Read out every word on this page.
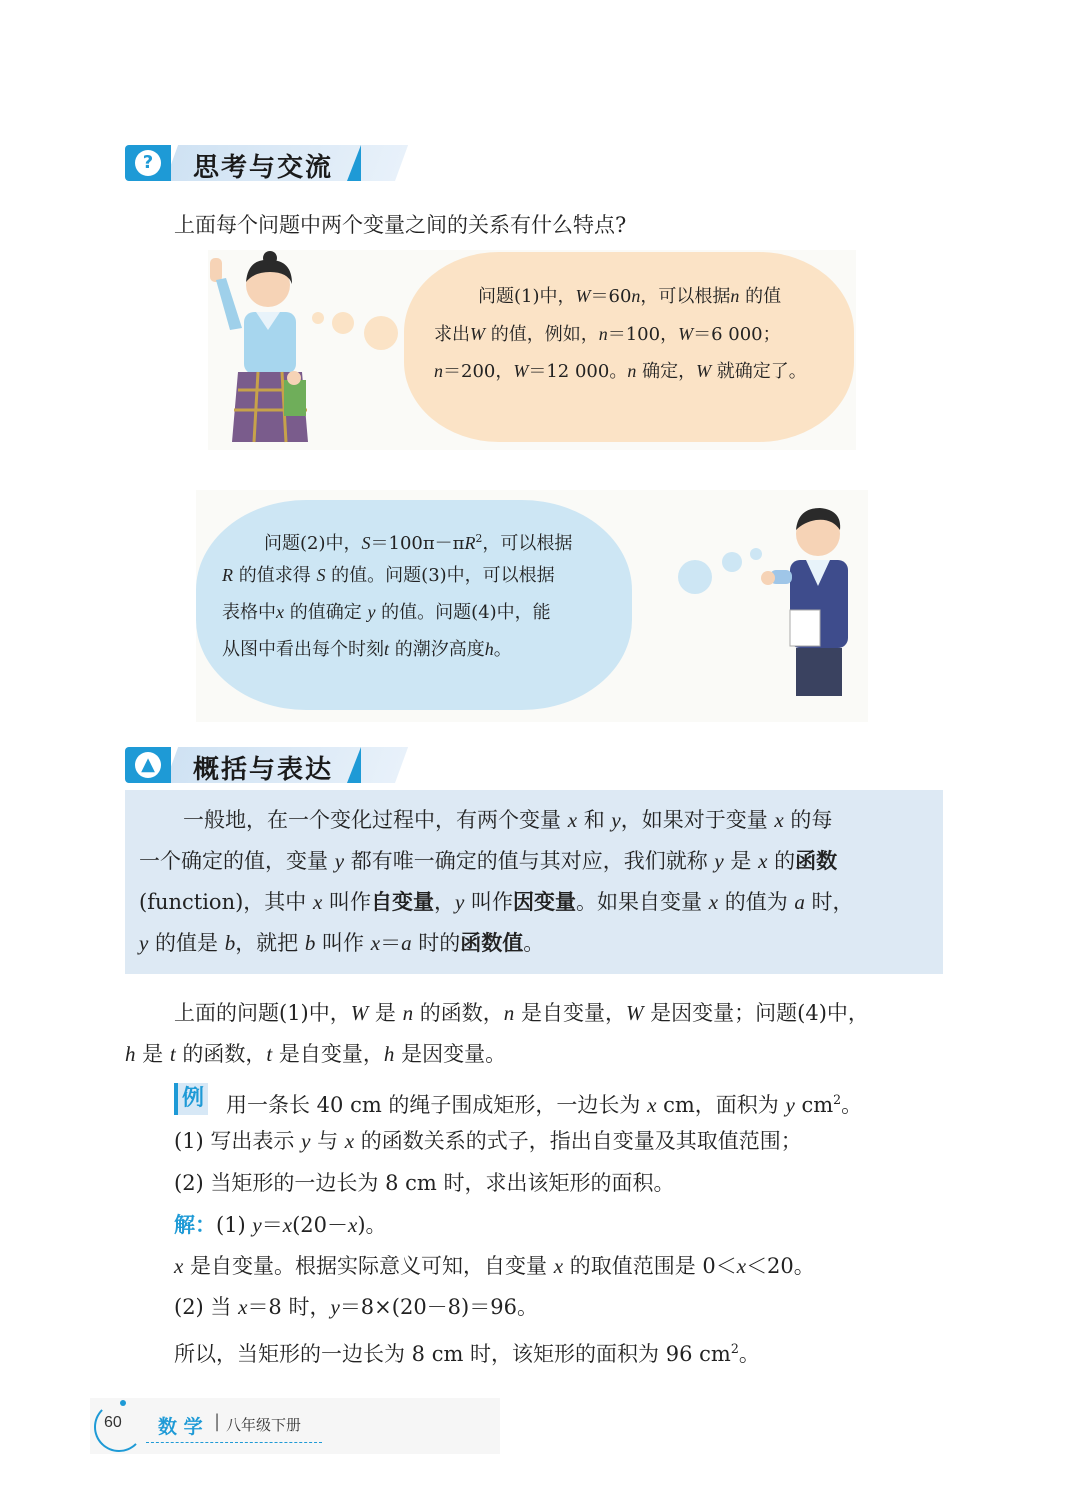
? 思考与交流
上面每个问题中两个变量之间的关系有什么特点?
问题(1)中，W＝60n，可以根据n 的值
求出W 的值，例如，n＝100，W＝6 000；
n＝200，W＝12 000。n 确定，W 就确定了。
问题(2)中，$S=100\pi-\pi R^2$，可以根据
R 的值求得 S 的值。问题(3)中，可以根据
表格中x 的值确定 y 的值。问题(4)中，能
从图中看出每个时刻t 的潮汐高度h。
▲ 概括与表达
一般地，在一个变化过程中，有两个变量 x 和 y，如果对于变量 x 的每
一个确定的值，变量 y 都有唯一确定的值与其对应，我们就称 y 是 x 的函数
(function)，其中 x 叫作自变量，y 叫作因变量。如果自变量 x 的值为 a 时，
y 的值是 b，就把 b 叫作 x＝a 时的函数值。
上面的问题(1)中，W 是 n 的函数，n 是自变量，W 是因变量；问题(4)中，
h 是 t 的函数，t 是自变量，h 是因变量。
例 用一条长 40 cm 的绳子围成矩形，一边长为 x cm，面积为 y $cm^2$。
(1) 写出表示 y 与 x 的函数关系的式子，指出自变量及其取值范围；
(2) 当矩形的一边长为 8 cm 时，求出该矩形的面积。
解：(1) y＝x(20－x)。
x 是自变量。根据实际意义可知，自变量 x 的取值范围是 0＜x＜20。
(2) 当 x＝8 时，y＝8×(20－8)＝96。
所以，当矩形的一边长为 8 cm 时，该矩形的面积为 96 $cm^2$。
60 数 学 | 八年级下册
